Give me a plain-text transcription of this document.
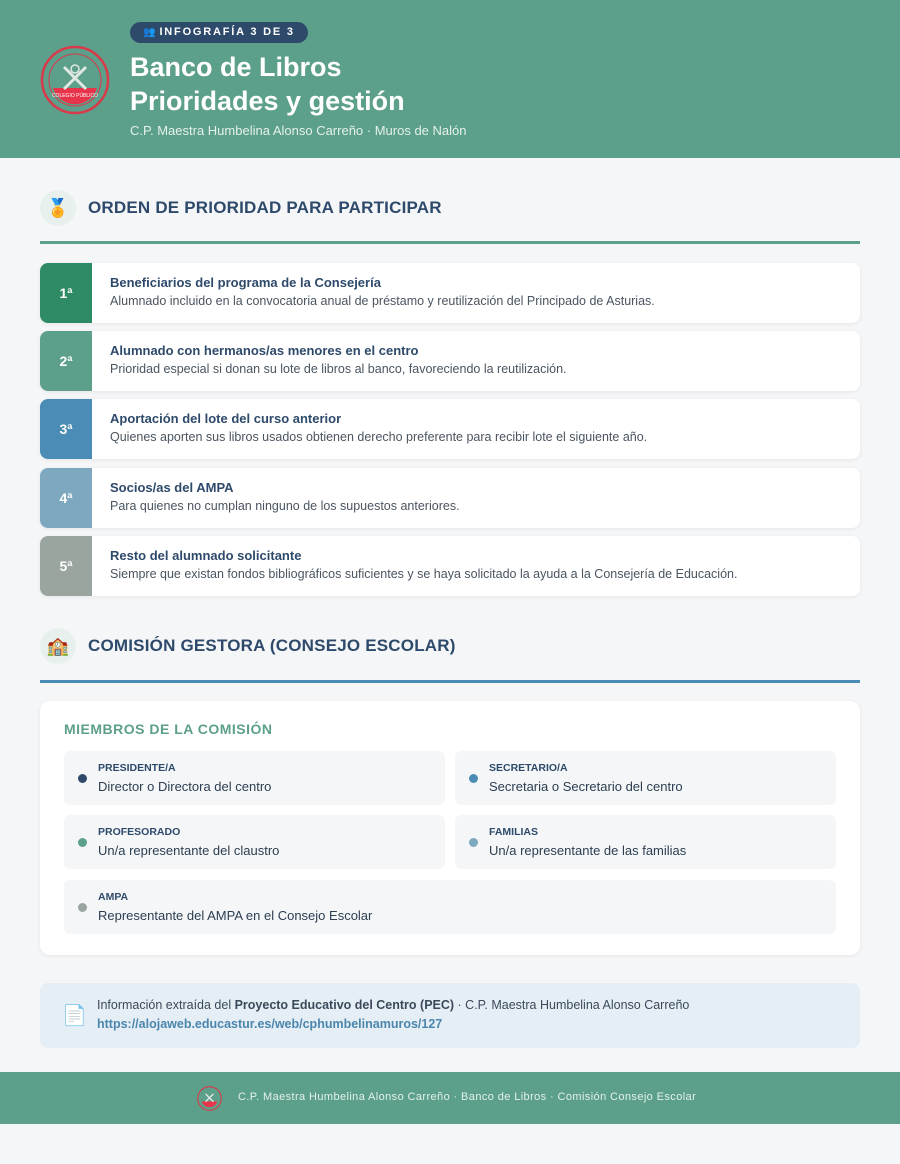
COLEGIO PÚBLICO
👥 INFOGRAFÍA 3 DE 3
Banco de Libros
Prioridades y gestión
C.P. Maestra Humbelina Alonso Carreño · Muros de Nalón
🏅	ORDEN DE PRIORIDAD PARA PARTICIPAR
1ª
Beneficiarios del programa de la Consejería
Alumnado incluido en la convocatoria anual de préstamo y reutilización del Principado de Asturias.
2ª
Alumnado con hermanos/as menores en el centro
Prioridad especial si donan su lote de libros al banco, favoreciendo la reutilización.
3ª
Aportación del lote del curso anterior
Quienes aporten sus libros usados obtienen derecho preferente para recibir lote el siguiente año.
4ª
Socios/as del AMPA
Para quienes no cumplan ninguno de los supuestos anteriores.
5ª
Resto del alumnado solicitante
Siempre que existan fondos bibliográficos suficientes y se haya solicitado la ayuda a la Consejería de Educación.
🏫	COMISIÓN GESTORA (CONSEJO ESCOLAR)
MIEMBROS DE LA COMISIÓN
PRESIDENTE/A
Director o Directora del centro
SECRETARIO/A
Secretaria o Secretario del centro
PROFESORADO
Un/a representante del claustro
FAMILIAS
Un/a representante de las familias
AMPA
Representante del AMPA en el Consejo Escolar
📄 Información extraída del Proyecto Educativo del Centro (PEC) · C.P. Maestra Humbelina Alonso Carreño
https://alojaweb.educastur.es/web/cphumbelinamuros/127
C.P. Maestra Humbelina Alonso Carreño · Banco de Libros · Comisión Consejo Escolar
